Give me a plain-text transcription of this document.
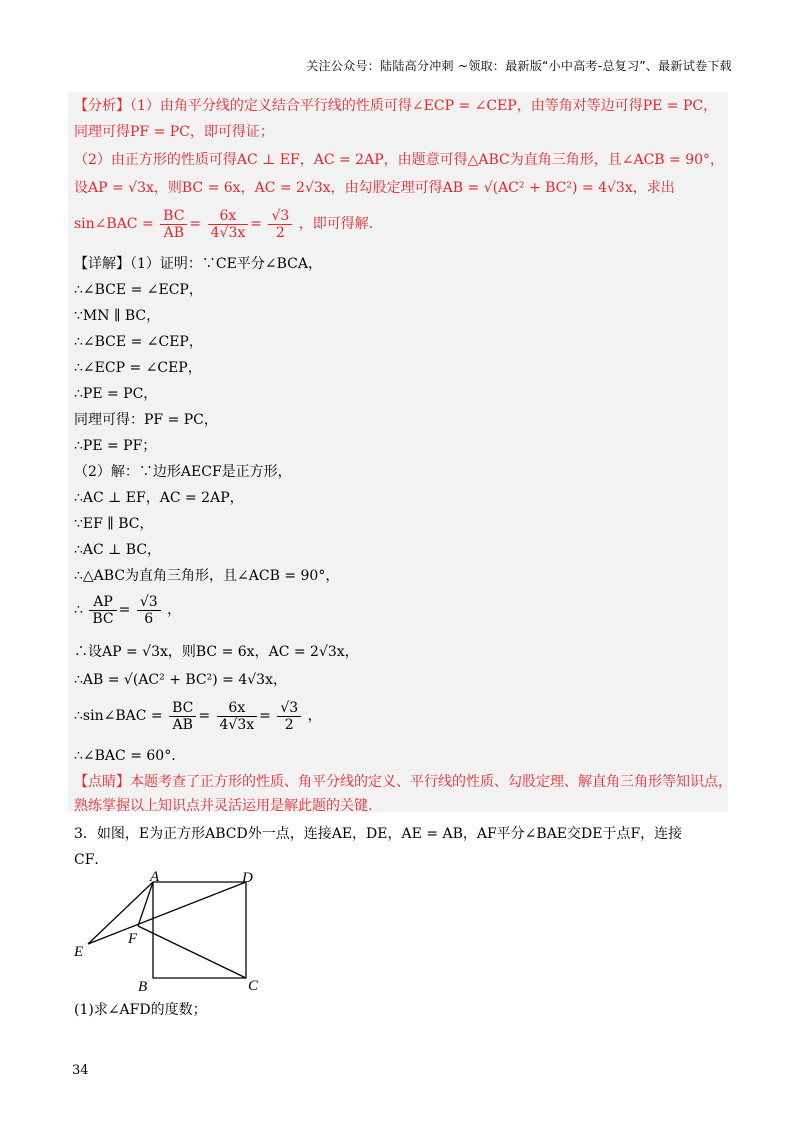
关注公众号：陆陆高分冲刺 ~领取：最新版“小中高考-总复习”、最新试卷下载
【分析】（1）由角平分线的定义结合平行线的性质可得∠ECP = ∠CEP，由等角对等边可得PE = PC，
同理可得PF = PC，即可得证；
（2）由正方形的性质可得AC ⊥ EF，AC = 2AP，由题意可得△ABC为直角三角形，且∠ACB = 90°，
设AP = √3x，则BC = 6x，AC = 2√3x，由勾股定理可得AB = √(AC² + BC²) = 4√3x，求出
sin∠BAC = $\frac{BC}{AB} = \frac{6x}{4√3x} = \frac{√3}{2}$ ，即可得解.
【详解】（1）证明：∵CE平分∠BCA，
∴∠BCE = ∠ECP，
∵MN ∥ BC，
∴∠BCE = ∠CEP，
∴∠ECP = ∠CEP，
∴PE = PC，
同理可得：PF = PC，
∴PE = PF；
（2）解：∵边形AECF是正方形，
∴AC ⊥ EF，AC = 2AP，
∵EF ∥ BC，
∴AC ⊥ BC，
∴△ABC为直角三角形，且∠ACB = 90°，
∴ $\frac{AP}{BC} = \frac{√3}{6}$ ，
∴设AP = √3x，则BC = 6x，AC = 2√3x，
∴AB = √(AC² + BC²) = 4√3x，
∴sin∠BAC = $\frac{BC}{AB} = \frac{6x}{4√3x} = \frac{√3}{2}$ ，
∴∠BAC = 60°.
【点睛】本题考查了正方形的性质、角平分线的定义、平行线的性质、勾股定理、解直角三角形等知识点，
熟练掌握以上知识点并灵活运用是解此题的关键.
3．如图，E为正方形ABCD外一点，连接AE，DE，AE = AB，AF平分∠BAE交DE于点F，连接
CF．
A	D
E
F
B	C
(1)求∠AFD的度数；
34
